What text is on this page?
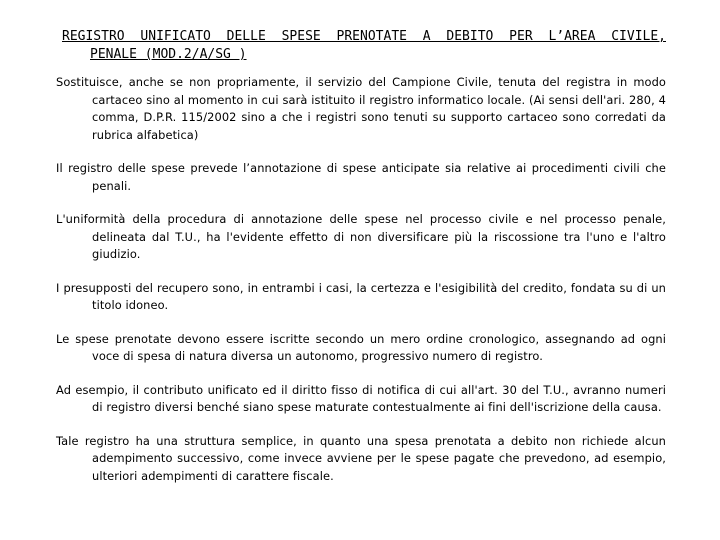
REGISTRO UNIFICATO DELLE SPESE PRENOTATE A DEBITO PER L’AREA CIVILE,
PENALE (MOD.2/A/SG )

Sostituisce, anche se non propriamente, il servizio del Campione Civile, tenuta del registra in modo cartaceo sino al momento in cui sarà istituito il registro informatico locale. (Ai sensi dell'ari. 280, 4 comma, D.P.R. 115/2002 sino a che i registri sono tenuti su supporto cartaceo sono corredati da rubrica alfabetica)

Il registro delle spese prevede l’annotazione di spese anticipate sia relative ai procedimenti civili che penali.

L'uniformità della procedura di annotazione delle spese nel processo civile e nel processo penale, delineata dal T.U., ha l'evidente effetto di non diversificare più la riscossione tra l'uno e l'altro giudizio.

I presupposti del recupero sono, in entrambi i casi, la certezza e l'esigibilità del credito, fondata su di un titolo idoneo.

Le spese prenotate devono essere iscritte secondo un mero ordine cronologico, assegnando ad ogni voce di spesa di natura diversa un autonomo, progressivo numero di registro.

Ad esempio, il contributo unificato ed il diritto fisso di notifica di cui all'art. 30 del T.U., avranno numeri di registro diversi benché siano spese maturate contestualmente ai fini dell'iscrizione della causa.

Tale registro ha una struttura semplice, in quanto una spesa prenotata a debito non richiede alcun adempimento successivo, come invece avviene per le spese pagate che prevedono, ad esempio, ulteriori adempimenti di carattere fiscale.
